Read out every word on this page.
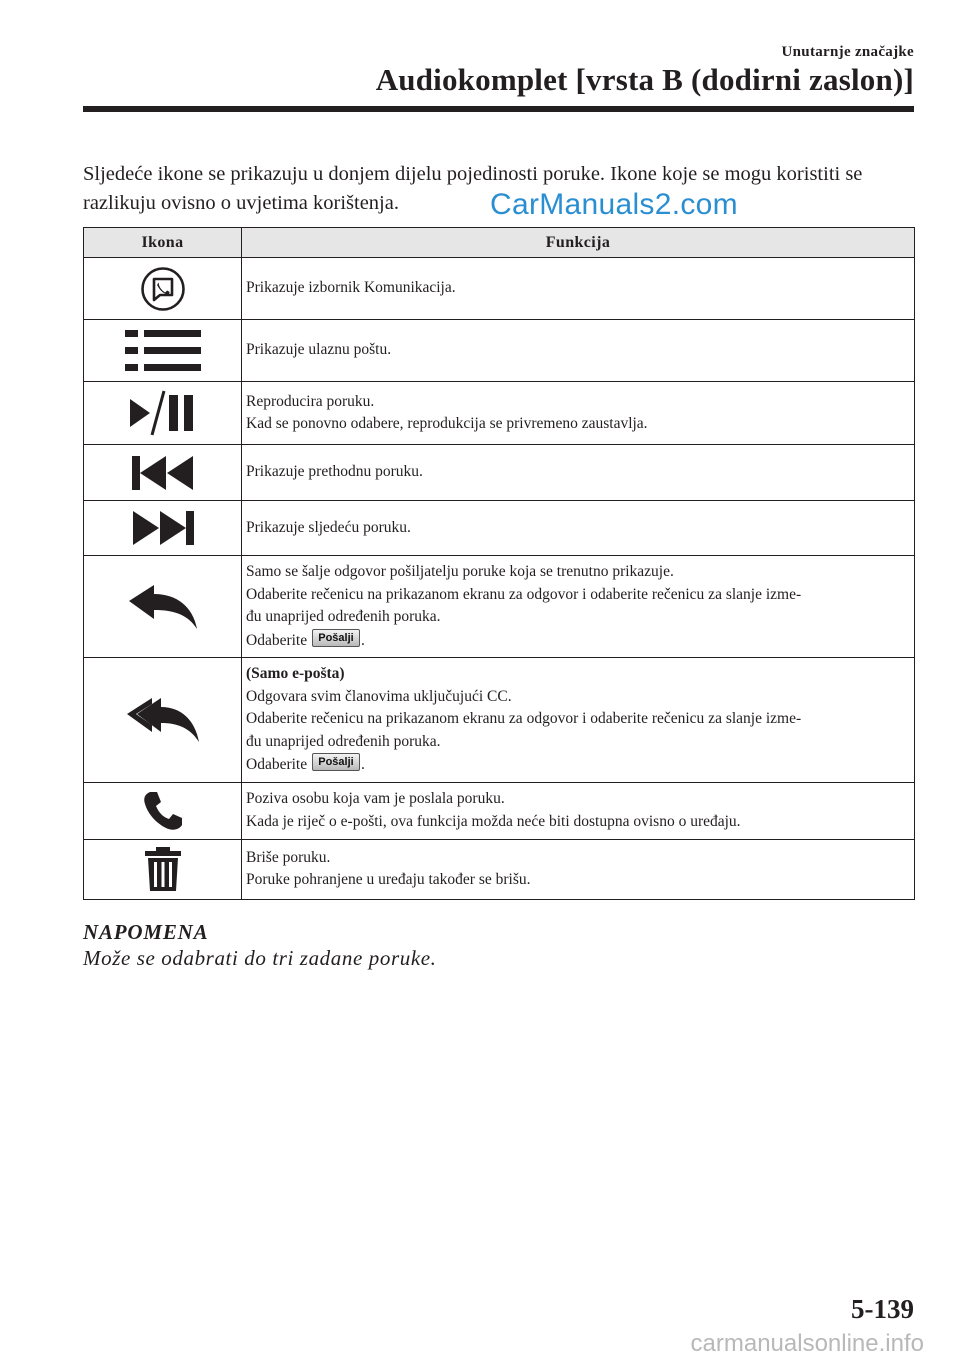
Unutarnje značajke
Audiokomplet [vrsta B (dodirni zaslon)]

Sljedeće ikone se prikazuju u donjem dijelu pojedinosti poruke. Ikone koje se mogu koristiti se razlikuju ovisno o uvjetima korištenja.	CarManuals2.com
Ikona	Funkcija

Prikazuje izbornik Komunikacija.

Prikazuje ulaznu poštu.

Reproducira poruku.
Kad se ponovno odabere, reprodukcija se privremeno zaustavlja.

Prikazuje prethodnu poruku.

Prikazuje sljedeću poruku.

Samo se šalje odgovor pošiljatelju poruke koja se trenutno prikazuje.
Odaberite rečenicu na prikazanom ekranu za odgovor i odaberite rečenicu za slanje izme-
đu unaprijed određenih poruka.
Odaberite Pošalji .

(Samo e-pošta)
Odgovara svim članovima uključujući CC.
Odaberite rečenicu na prikazanom ekranu za odgovor i odaberite rečenicu za slanje izme-
đu unaprijed određenih poruka.
Odaberite Pošalji .

Poziva osobu koja vam je poslala poruku.
Kada je riječ o e-pošti, ova funkcija možda neće biti dostupna ovisno o uređaju.

Briše poruku.
Poruke pohranjene u uređaju također se brišu.
NAPOMENA
Može se odabrati do tri zadane poruke.
5-139
carmanualsonline.info
